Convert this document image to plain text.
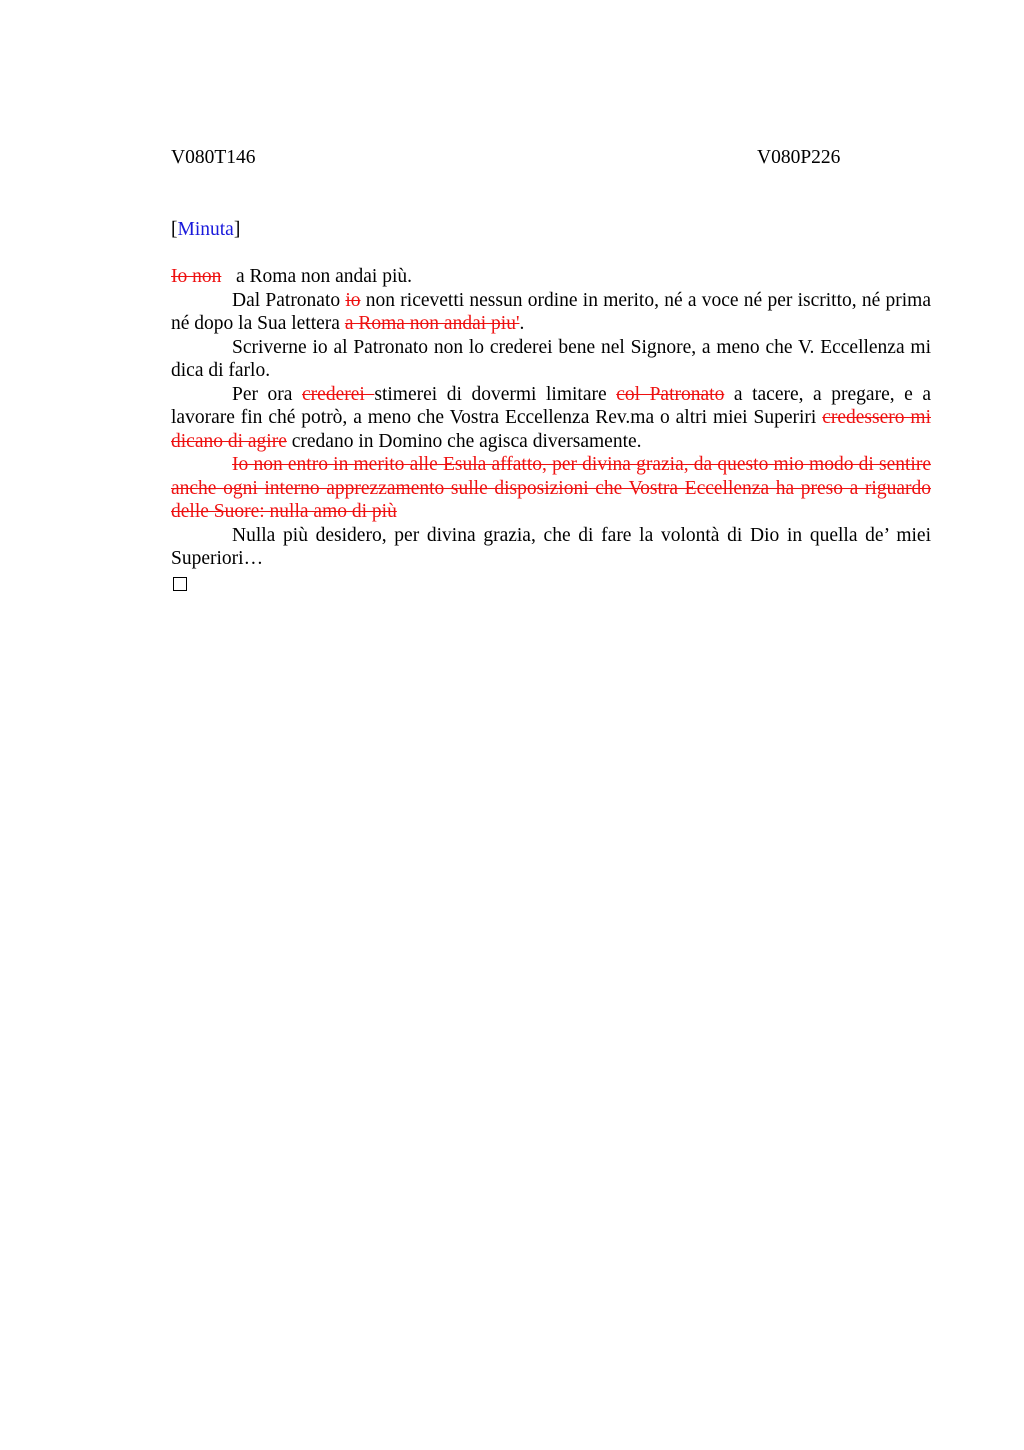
V080T146	V080P226
[Minuta]

Io non   a Roma non andai più.

Dal Patronato io non ricevetti nessun ordine in merito, né a voce né per iscritto, né prima né dopo la Sua lettera a Roma non andai piu'.

Scriverne io al Patronato non lo crederei bene nel Signore, a meno che V. Eccellenza mi dica di farlo.

Per ora crederei stimerei di dovermi limitare col Patronato a tacere, a pregare, e a lavorare fin ché potrò, a meno che Vostra Eccellenza Rev.ma o altri miei Superiri credessero mi dicano di agire credano in Domino che agisca diversamente.

Io non entro in merito alle Esula affatto, per divina grazia, da questo mio modo di sentire anche ogni interno apprezzamento sulle disposizioni che Vostra Eccellenza ha preso a riguardo delle Suore: nulla amo di più

Nulla più desidero, per divina grazia, che di fare la volontà di Dio in quella de’ miei Superiori…
